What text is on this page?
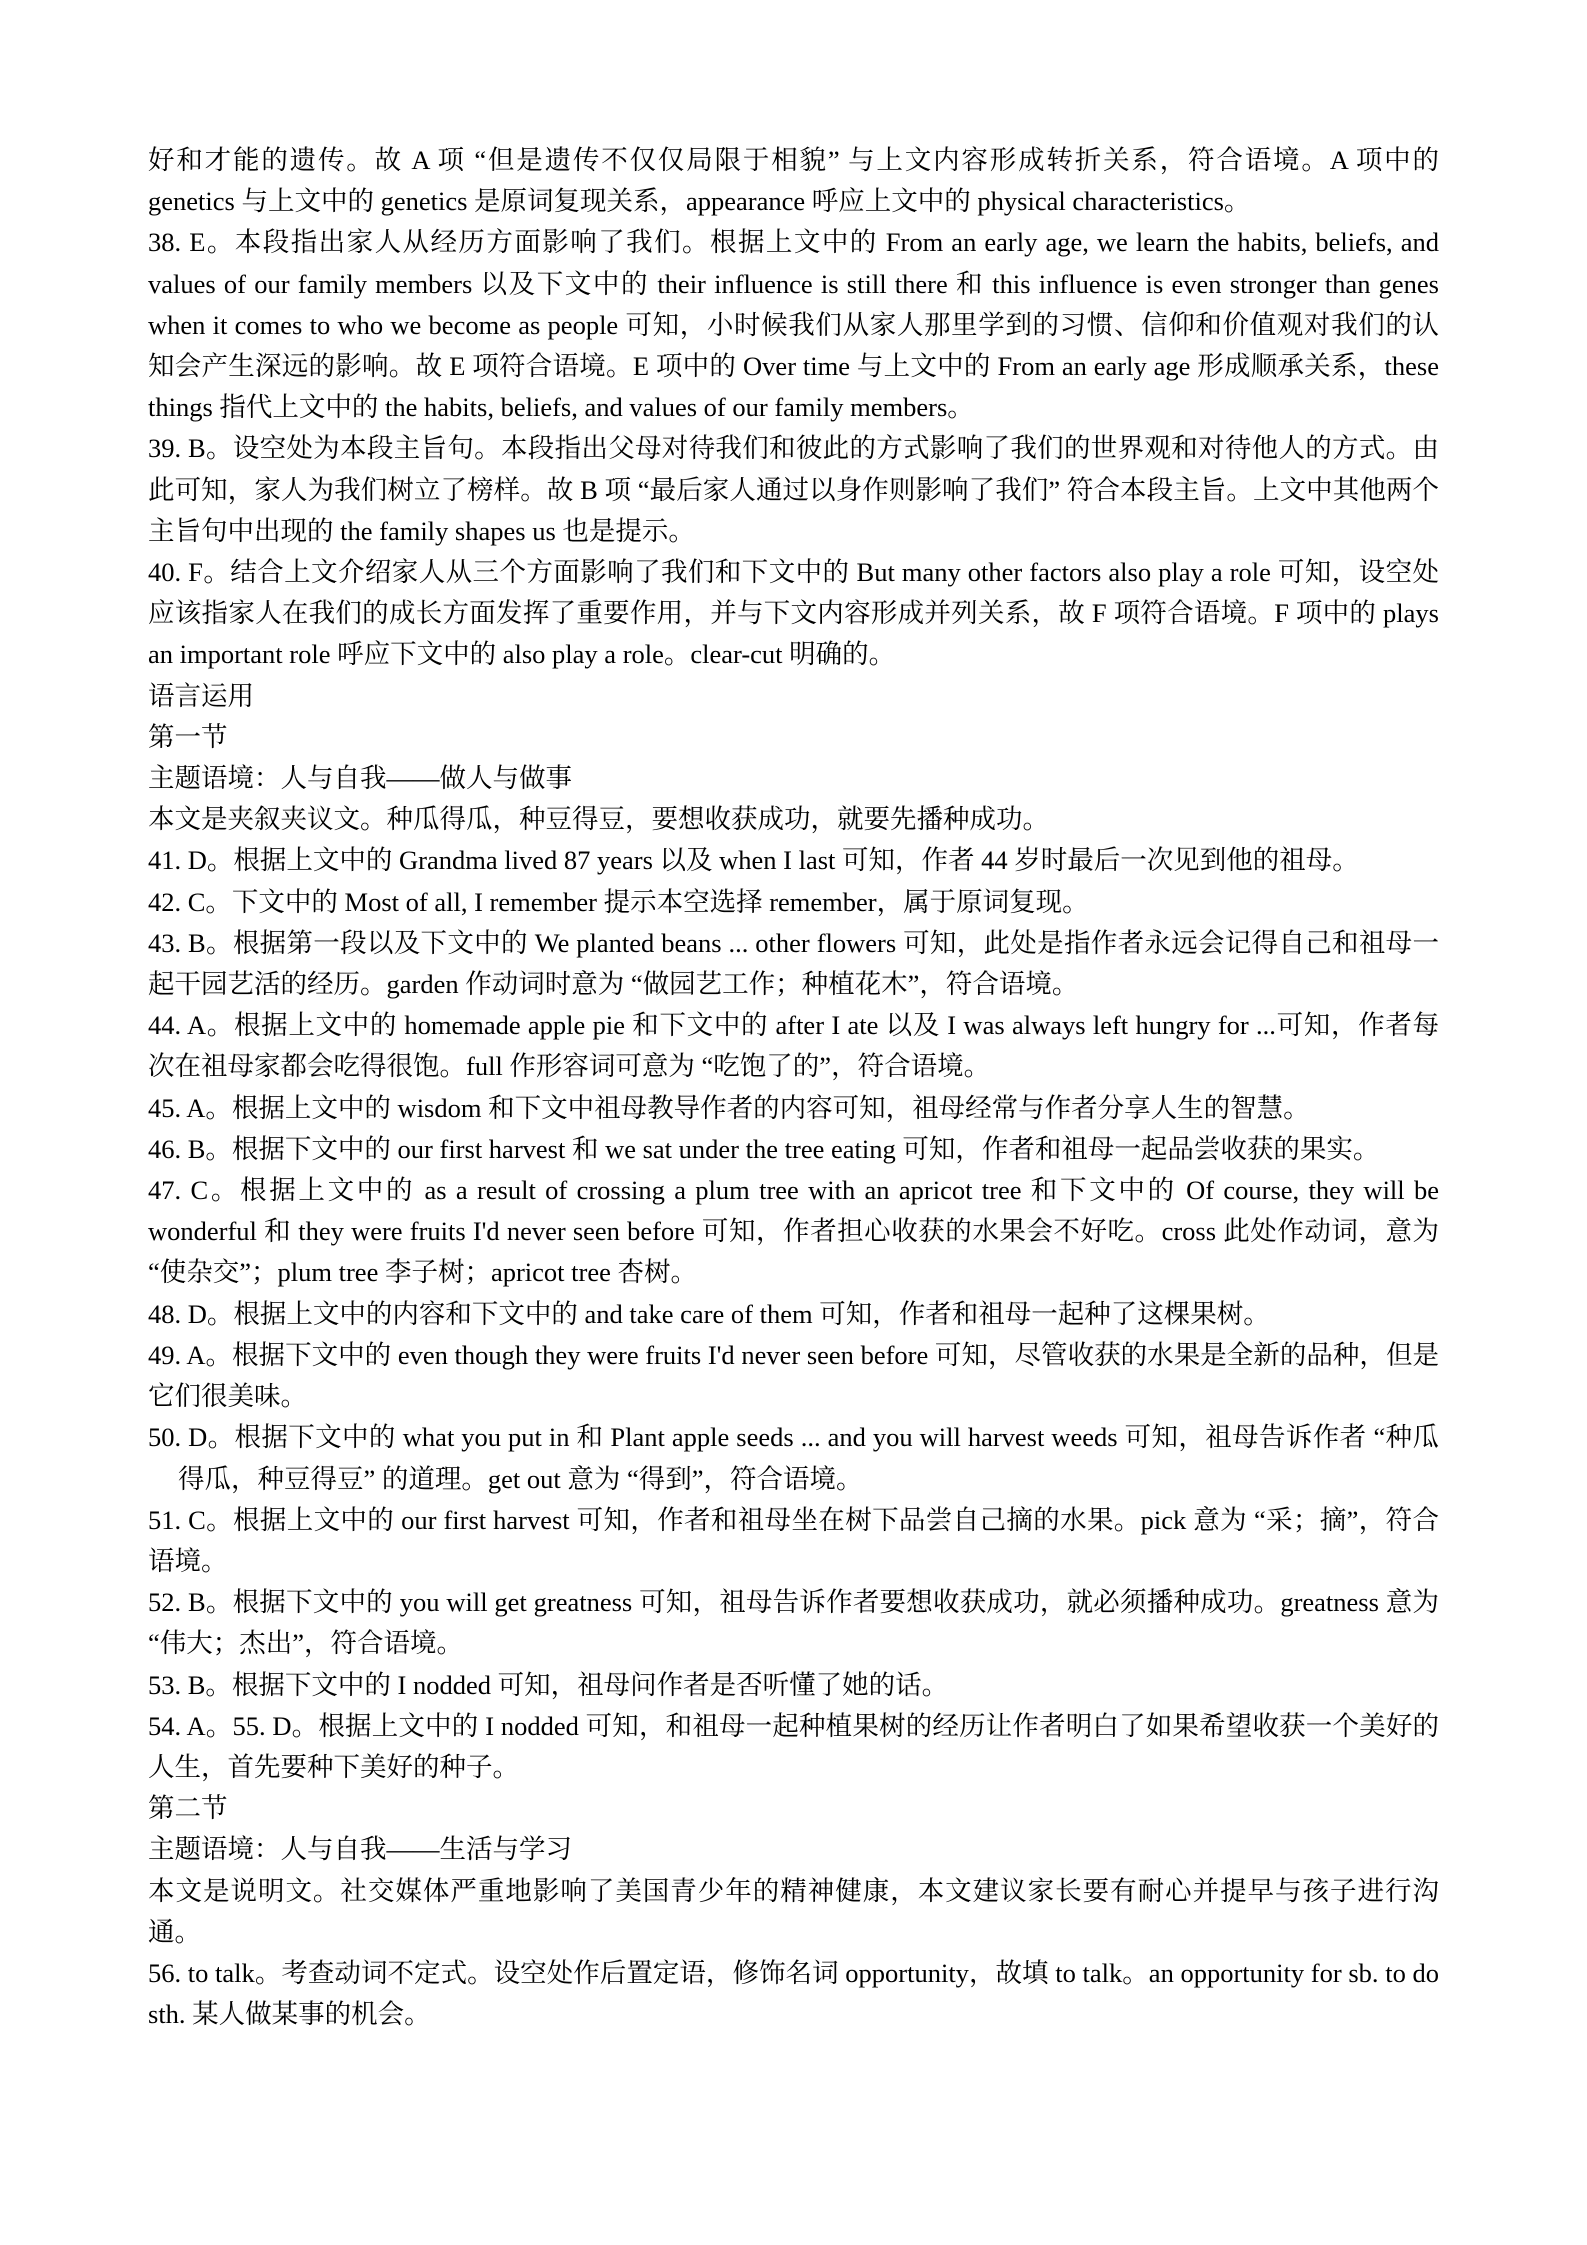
好和才能的遗传。故 A 项 “但是遗传不仅仅局限于相貌” 与上文内容形成转折关系，符合语境。A 项中的 genetics 与上文中的 genetics 是原词复现关系，appearance 呼应上文中的 physical characteristics。

38. E。本段指出家人从经历方面影响了我们。根据上文中的 From an early age, we learn the habits, beliefs, and values of our family members 以及下文中的 their influence is still there 和 this influence is even stronger than genes when it comes to who we become as people 可知，小时候我们从家人那里学到的习惯、信仰和价值观对我们的认知会产生深远的影响。故 E 项符合语境。E 项中的 Over time 与上文中的 From an early age 形成顺承关系，these things 指代上文中的 the habits, beliefs, and values of our family members。

39. B。设空处为本段主旨句。本段指出父母对待我们和彼此的方式影响了我们的世界观和对待他人的方式。由此可知，家人为我们树立了榜样。故 B 项 “最后家人通过以身作则影响了我们” 符合本段主旨。上文中其他两个主旨句中出现的 the family shapes us 也是提示。

40. F。结合上文介绍家人从三个方面影响了我们和下文中的 But many other factors also play a role 可知，设空处应该指家人在我们的成长方面发挥了重要作用，并与下文内容形成并列关系，故 F 项符合语境。F 项中的 plays an important role 呼应下文中的 also play a role。clear-cut 明确的。

语言运用

第一节

主题语境：人与自我——做人与做事

本文是夹叙夹议文。种瓜得瓜，种豆得豆，要想收获成功，就要先播种成功。

41. D。根据上文中的 Grandma lived 87 years 以及 when I last 可知，作者 44 岁时最后一次见到他的祖母。

42. C。下文中的 Most of all, I remember 提示本空选择 remember，属于原词复现。

43. B。根据第一段以及下文中的 We planted beans ... other flowers 可知，此处是指作者永远会记得自己和祖母一起干园艺活的经历。garden 作动词时意为 “做园艺工作；种植花木”，符合语境。

44. A。根据上文中的 homemade apple pie 和下文中的 after I ate 以及 I was always left hungry for ...可知，作者每次在祖母家都会吃得很饱。full 作形容词可意为 “吃饱了的”，符合语境。

45. A。根据上文中的 wisdom 和下文中祖母教导作者的内容可知，祖母经常与作者分享人生的智慧。

46. B。根据下文中的 our first harvest 和 we sat under the tree eating 可知，作者和祖母一起品尝收获的果实。

47. C。根据上文中的 as a result of crossing a plum tree with an apricot tree 和下文中的 Of course, they will be wonderful 和 they were fruits I'd never seen before 可知，作者担心收获的水果会不好吃。cross 此处作动词，意为 “使杂交”；plum tree 李子树；apricot tree 杏树。

48. D。根据上文中的内容和下文中的 and take care of them 可知，作者和祖母一起种了这棵果树。

49. A。根据下文中的 even though they were fruits I'd never seen before 可知，尽管收获的水果是全新的品种，但是它们很美味。

50. D。根据下文中的 what you put in 和 Plant apple seeds ... and you will harvest weeds 可知，祖母告诉作者 “种瓜得瓜，种豆得豆” 的道理。get out 意为 “得到”，符合语境。

51. C。根据上文中的 our first harvest 可知，作者和祖母坐在树下品尝自己摘的水果。pick 意为 “采；摘”，符合语境。

52. B。根据下文中的 you will get greatness 可知，祖母告诉作者要想收获成功，就必须播种成功。greatness 意为 “伟大；杰出”，符合语境。

53. B。根据下文中的 I nodded 可知，祖母问作者是否听懂了她的话。

54. A。55. D。根据上文中的 I nodded 可知，和祖母一起种植果树的经历让作者明白了如果希望收获一个美好的人生，首先要种下美好的种子。

第二节

主题语境：人与自我——生活与学习

本文是说明文。社交媒体严重地影响了美国青少年的精神健康，本文建议家长要有耐心并提早与孩子进行沟通。

56. to talk。考查动词不定式。设空处作后置定语，修饰名词 opportunity，故填 to talk。an opportunity for sb. to do sth. 某人做某事的机会。
